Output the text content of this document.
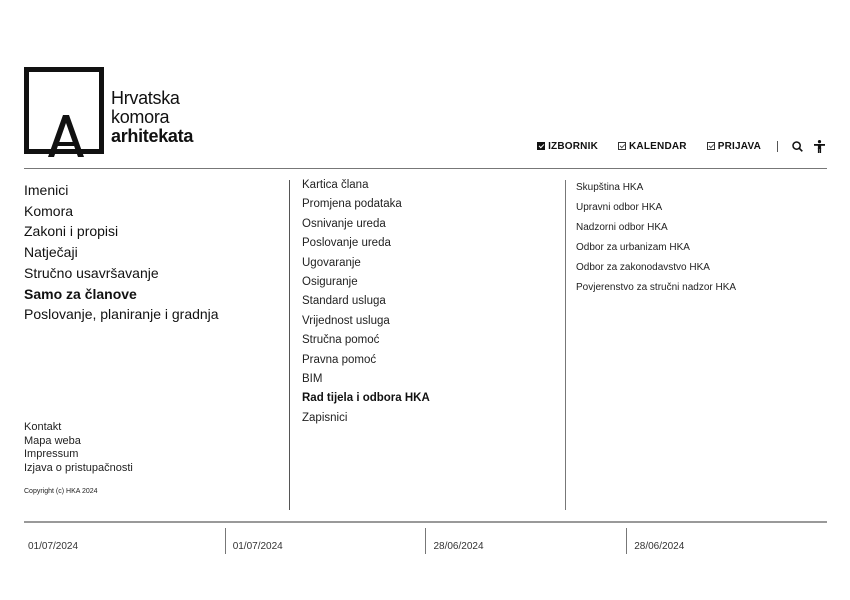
Hrvatska
komora
arhitekata	IZBORNIK	KALENDAR	PRIJAVA
Imenici
Komora
Zakoni i propisi
Natječaji
Stručno usavršavanje
Samo za članove
Poslovanje, planiranje i gradnja
Kontakt
Mapa weba
Impressum
Izjava o pristupačnosti
Copyright (c) HKA 2024
Kartica člana
Promjena podataka
Osnivanje ureda
Poslovanje ureda
Ugovaranje
Osiguranje
Standard usluga
Vrijednost usluga
Stručna pomoć
Pravna pomoć
BIM
Rad tijela i odbora HKA
Zapisnici
Skupština HKA
Upravni odbor HKA
Nadzorni odbor HKA
Odbor za urbanizam HKA
Odbor za zakonodavstvo HKA
Povjerenstvo za stručni nadzor HKA
01/07/2024	01/07/2024	28/06/2024	28/06/2024
